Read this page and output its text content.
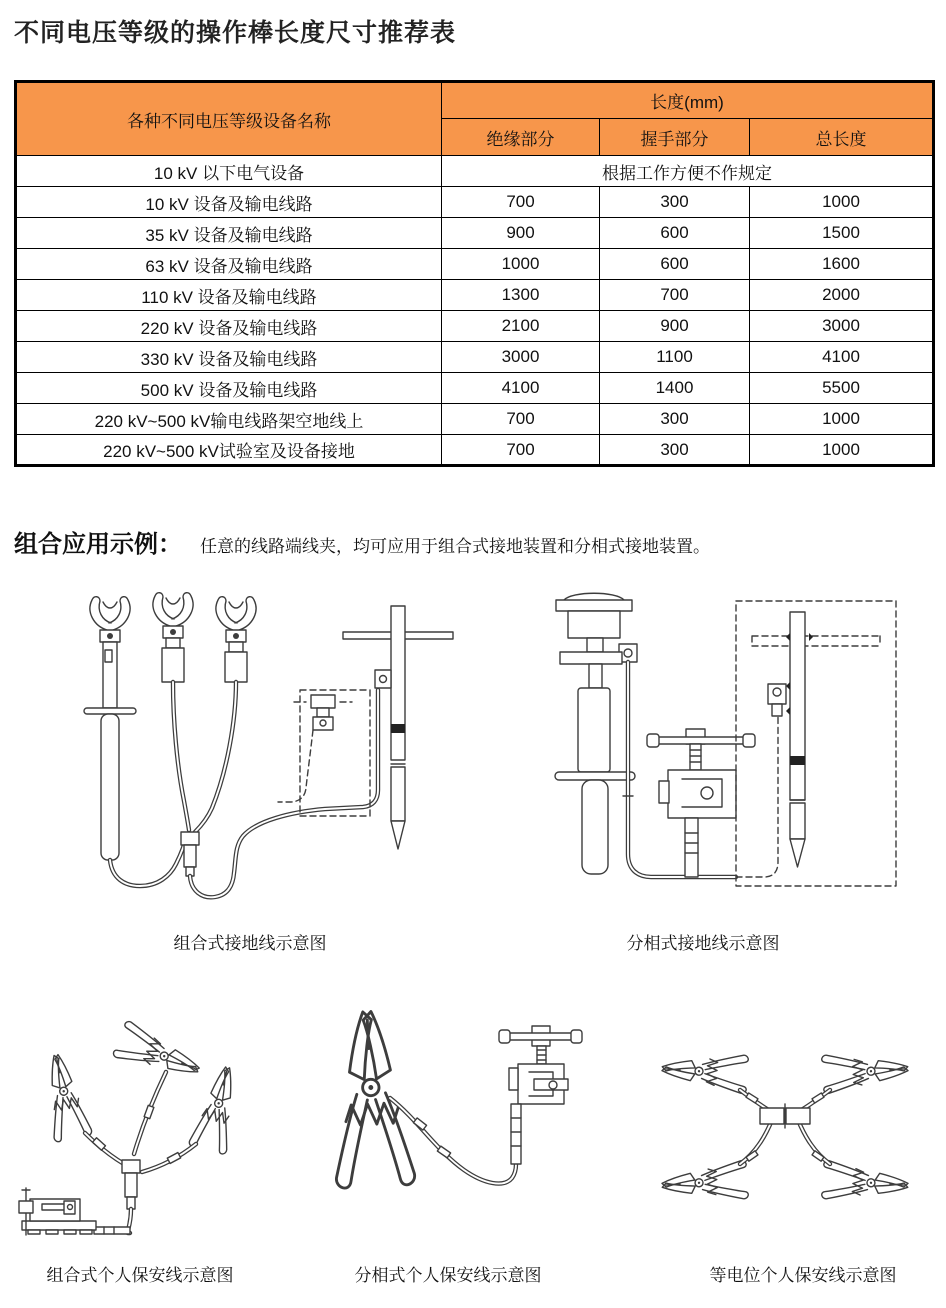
不同电压等级的操作棒长度尺寸推荐表
各种不同电压等级设备名称	长度(mm)		
	绝缘部分	握手部分	总长度
10 kV 以下电气设备	根据工作方便不作规定		
10 kV 设备及输电线路	700	300	1000
35 kV 设备及输电线路	900	600	1500
63 kV 设备及输电线路	1000	600	1600
110 kV 设备及输电线路	1300	700	2000
220 kV 设备及输电线路	2100	900	3000
330 kV 设备及输电线路	3000	1100	4100
500 kV 设备及输电线路	4100	1400	5500
220 kV~500 kV输电线路架空地线上	700	300	1000
220 kV~500 kV试验室及设备接地	700	300	1000
组合应用示例： 任意的线路端线夹，均可应用于组合式接地装置和分相式接地装置。
组合式接地线示意图	分相式接地线示意图
组合式个人保安线示意图	分相式个人保安线示意图	等电位个人保安线示意图
